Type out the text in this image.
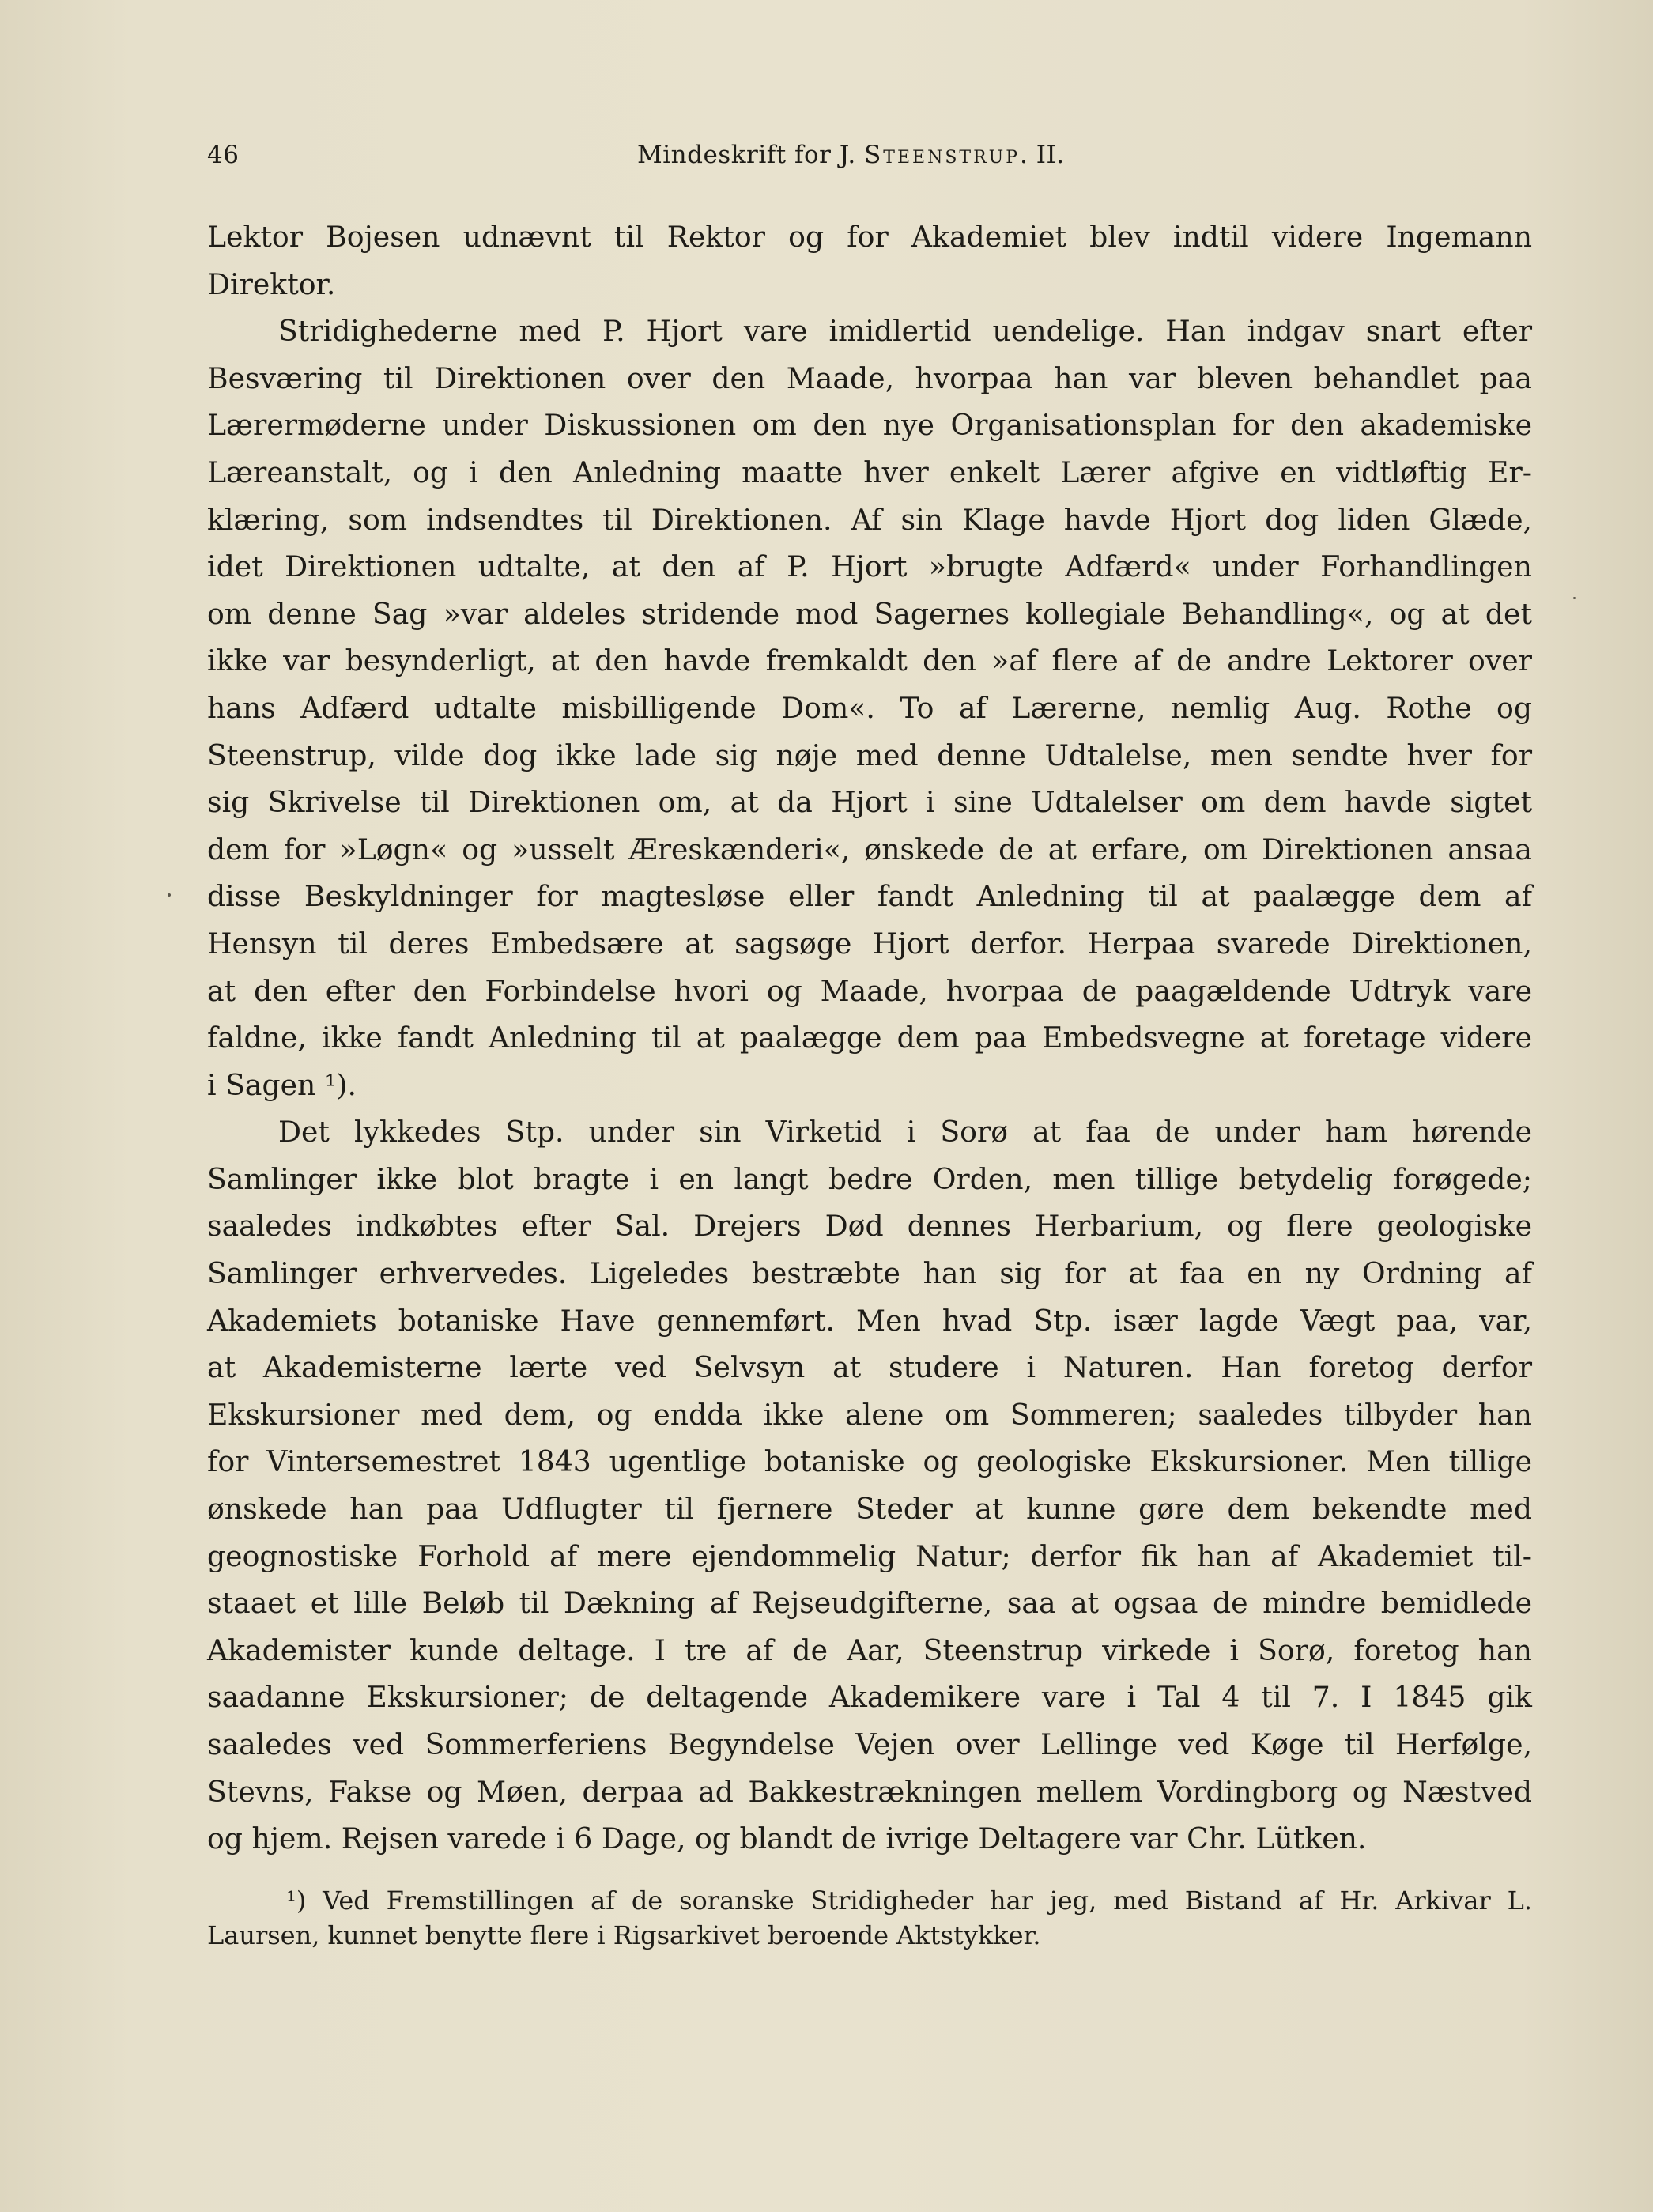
46	Mindeskrift for J. Steenstrup. II.
Lektor Bojesen udnævnt til Rektor og for Akademiet blev indtil videre Ingemann
Direktor.
Stridighederne med P. Hjort vare imidlertid uendelige. Han indgav snart efter
Besværing til Direktionen over den Maade, hvorpaa han var bleven behandlet paa
Lærermøderne under Diskussionen om den nye Organisationsplan for den akademiske
Læreanstalt, og i den Anledning maatte hver enkelt Lærer afgive en vidtløftig Er-
klæring, som indsendtes til Direktionen. Af sin Klage havde Hjort dog liden Glæde,
idet Direktionen udtalte, at den af P. Hjort »brugte Adfærd« under Forhandlingen
om denne Sag »var aldeles stridende mod Sagernes kollegiale Behandling«, og at det
ikke var besynderligt, at den havde fremkaldt den »af flere af de andre Lektorer over
hans Adfærd udtalte misbilligende Dom«. To af Lærerne, nemlig Aug. Rothe og
Steenstrup, vilde dog ikke lade sig nøje med denne Udtalelse, men sendte hver for
sig Skrivelse til Direktionen om, at da Hjort i sine Udtalelser om dem havde sigtet
dem for »Løgn« og »usselt Æreskænderi«, ønskede de at erfare, om Direktionen ansaa
disse Beskyldninger for magtesløse eller fandt Anledning til at paalægge dem af
Hensyn til deres Embedsære at sagsøge Hjort derfor. Herpaa svarede Direktionen,
at den efter den Forbindelse hvori og Maade, hvorpaa de paagældende Udtryk vare
faldne, ikke fandt Anledning til at paalægge dem paa Embedsvegne at foretage videre
i Sagen ¹).
Det lykkedes Stp. under sin Virketid i Sorø at faa de under ham hørende
Samlinger ikke blot bragte i en langt bedre Orden, men tillige betydelig forøgede;
saaledes indkøbtes efter Sal. Drejers Død dennes Herbarium, og flere geologiske
Samlinger erhvervedes. Ligeledes bestræbte han sig for at faa en ny Ordning af
Akademiets botaniske Have gennemført. Men hvad Stp. især lagde Vægt paa, var,
at Akademisterne lærte ved Selvsyn at studere i Naturen. Han foretog derfor
Ekskursioner med dem, og endda ikke alene om Sommeren; saaledes tilbyder han
for Vintersemestret 1843 ugentlige botaniske og geologiske Ekskursioner. Men tillige
ønskede han paa Udflugter til fjernere Steder at kunne gøre dem bekendte med
geognostiske Forhold af mere ejendommelig Natur; derfor fik han af Akademiet til-
staaet et lille Beløb til Dækning af Rejseudgifterne, saa at ogsaa de mindre bemidlede
Akademister kunde deltage. I tre af de Aar, Steenstrup virkede i Sorø, foretog han
saadanne Ekskursioner; de deltagende Akademikere vare i Tal 4 til 7. I 1845 gik
saaledes ved Sommerferiens Begyndelse Vejen over Lellinge ved Køge til Herfølge,
Stevns, Fakse og Møen, derpaa ad Bakkestrækningen mellem Vordingborg og Næstved
og hjem. Rejsen varede i 6 Dage, og blandt de ivrige Deltagere var Chr. Lütken.
¹) Ved Fremstillingen af de soranske Stridigheder har jeg, med Bistand af Hr. Arkivar L.
Laursen, kunnet benytte flere i Rigsarkivet beroende Aktstykker.
